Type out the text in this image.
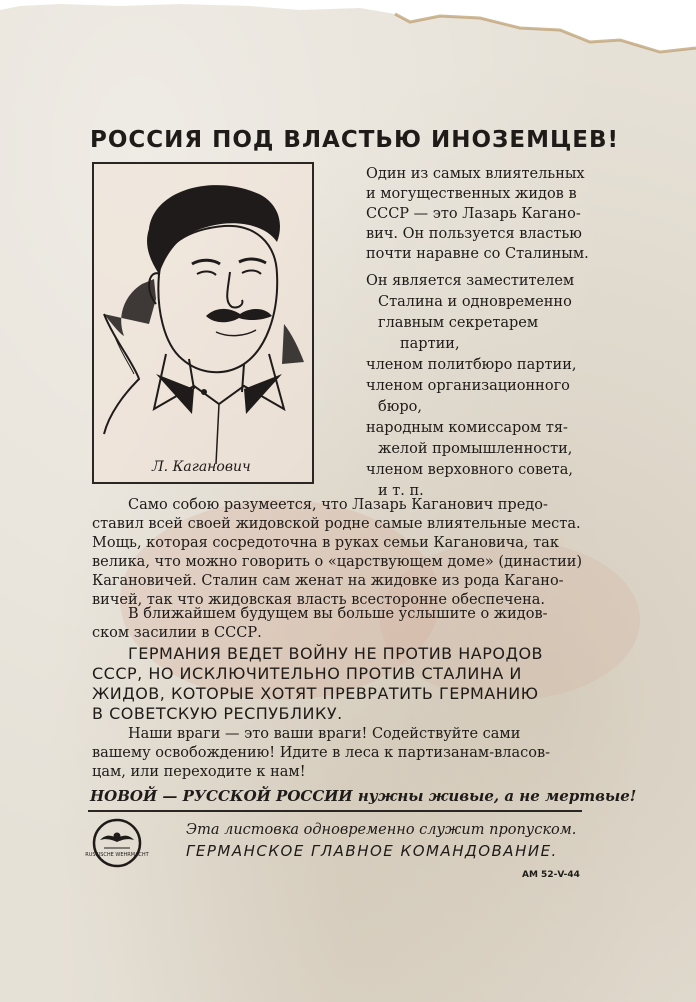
РОССИЯ ПОД ВЛАСТЬЮ ИНОЗЕМЦЕВ!
Л. Каганович
Один из самых влиятельных
и могущественных жидов в
СССР — это Лазарь Кагано-
вич. Он пользуется властью
почти наравне со Сталиным.
Он является заместителем
Сталина и одновременно
главным секретарем
партии,
членом политбюро партии,
членом организационного
бюро,
народным комиссаром тя-
желой промышленности,
членом верховного совета,
и т. п.
Само собою разумеется, что Лазарь Каганович предо-
ставил всей своей жидовской родне самые влиятельные места.
Мощь, которая сосредоточна в руках семьи Кагановича, так
велика, что можно говорить о «царствующем доме» (династии)
Кагановичей. Сталин сам женат на жидовке из рода Кагано-
вичей, так что жидовская власть всесторонне обеспечена.
В ближайшем будущем вы больше услышите о жидов-
ском засилии в СССР.
ГЕРМАНИЯ ВЕДЕТ ВОЙНУ НЕ ПРОТИВ НАРОДОВ
СССР, НО ИСКЛЮЧИТЕЛЬНО ПРОТИВ СТАЛИНА И
ЖИДОВ, КОТОРЫЕ ХОТЯТ ПРЕВРАТИТЬ ГЕРМАНИЮ
В СОВЕТСКУЮ РЕСПУБЛИКУ.
Наши враги — это ваши враги! Содействуйте сами
вашему освобождению! Идите в леса к партизанам-власов-
цам, или переходите к нам!
НОВОЙ — РУССКОЙ РОССИИ нужны живые, а не мертвые!
RUSSISCHE WEHRMACHT
Эта листовка одновременно служит пропуском.
ГЕРМАНСКОЕ ГЛАВНОЕ КОМАНДОВАНИЕ.
АМ 52-V-44
